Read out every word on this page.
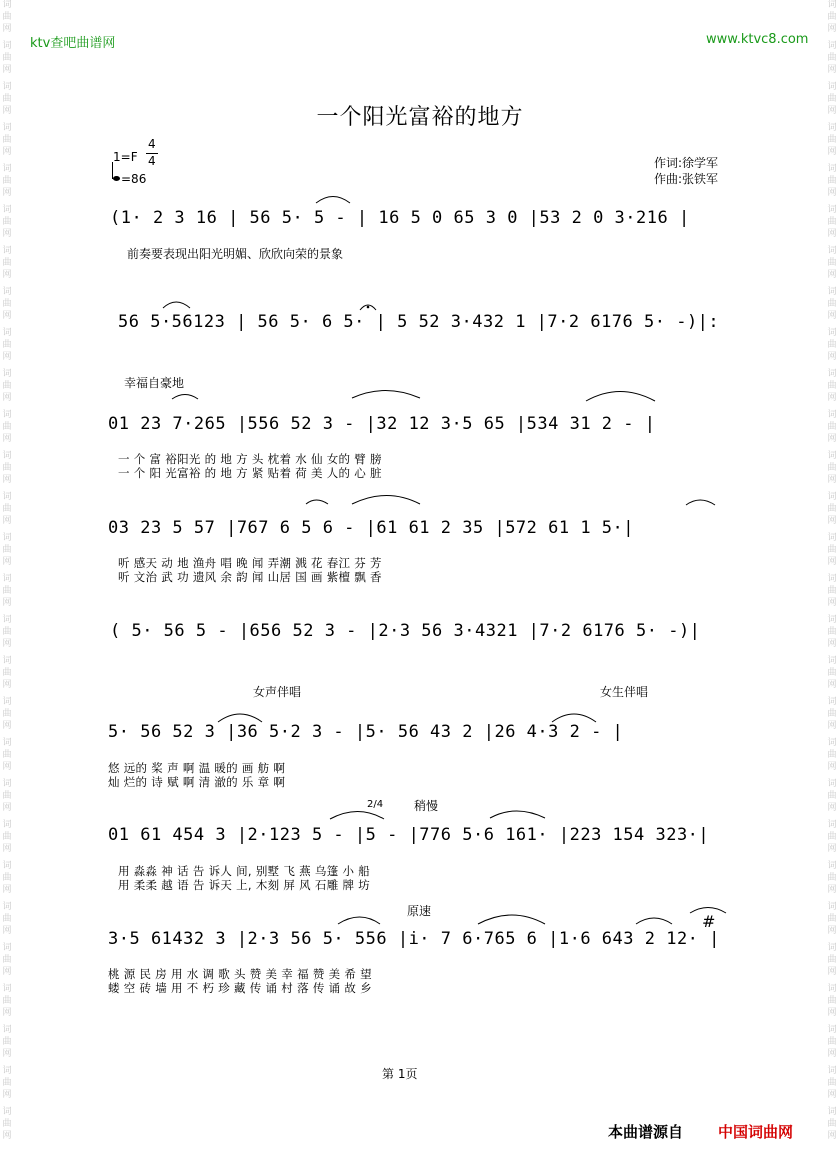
词
曲
网
词
曲
网
词
曲
网
词
曲
网
词
曲
网
词
曲
网
词
曲
网
词
曲
网
词
曲
网
词
曲
网
词
曲
网
词
曲
网
词
曲
网
词
曲
网
词
曲
网
词
曲
网
词
曲
网
词
曲
网
词
曲
网
词
曲
网
词
曲
网
词
曲
网
词
曲
网
词
曲
网
词
曲
网
词
曲
网
词
曲
网
词
曲
网
词
曲
网
词
曲
网
词
曲
网
词
曲
网
词
曲
网
词
曲
网
词
曲
网
词
曲
网
词
曲
网
词
曲
网
词
曲
网
词
曲
网
词
曲
网
词
曲
网
词
曲
网
词
曲
网
词
曲
网
词
曲
网
词
曲
网
词
曲
网
词
曲
网
词
曲
网
词
曲
网
词
曲
网
词
曲
网
词
曲
网
词
曲
网
词
曲
网
ktv查吧曲谱网	www.ktvc8.com
一个阳光富裕的地方
1=F
4
4
=86
作词:徐学军
作曲:张铁军
(1· 2 3 16 | 56 5· 5 - | 16 5 0 65 3 0 |53 2 0 3·216 |
前奏要表现出阳光明媚、欣欣向荣的景象
56 5·56123 | 56 5· 6 5· | 5 52 3·432 1 |7·2 6176 5· -)|:
幸福自豪地
01 23 7·265 |556 52 3 - |32 12 3·5 65 |534 31 2 - |
一 个 富 裕阳光 的 地 方 头 枕着 水 仙 女的 臂 膀
一 个 阳 光富裕 的 地 方 紧 贴着 荷 美 人的 心 脏
03 23 5 57 |767 6 5 6 - |61 61 2 35 |572 61 1 5·|
听 感天 动 地 渔舟 唱 晚 闻 弄潮 溅 花 春江 芬 芳
听 文治 武 功 遗风 余 韵 闻 山居 国 画 紫檀 飘 香
( 5· 56 5 - |656 52 3 - |2·3 56 3·4321 |7·2 6176 5· -)|
女声伴唱	女生伴唱
5· 56 52 3 |36 5·2 3 - |5· 56 43 2 |26 4·3 2 - |
悠 远的 桨 声 啊 温 暖的 画 舫 啊
灿 烂的 诗 赋 啊 清 澈的 乐 章 啊
2/4	稍慢
01 61 454 3 |2·123 5 - |5 - |776 5·6 161· |223 154 323·|
用 淼淼 神 话 告 诉人 间, 别墅 飞 燕 乌篷 小 船
用 柔柔 越 语 告 诉天 上, 木刻 屏 风 石雕 牌 坊
原速
#
3·5 61432 3 |2·3 56 5· 556 |i· 7 6·765 6 |1·6 643 2 12· |
桃 源 民 房 用 水 调 歌 头 赞 美 幸 福 赞 美 希 望
蝼 空 砖 墙 用 不 朽 珍 藏 传 诵 村 落 传 诵 故 乡
第 1页
本曲谱源自 中国词曲网
